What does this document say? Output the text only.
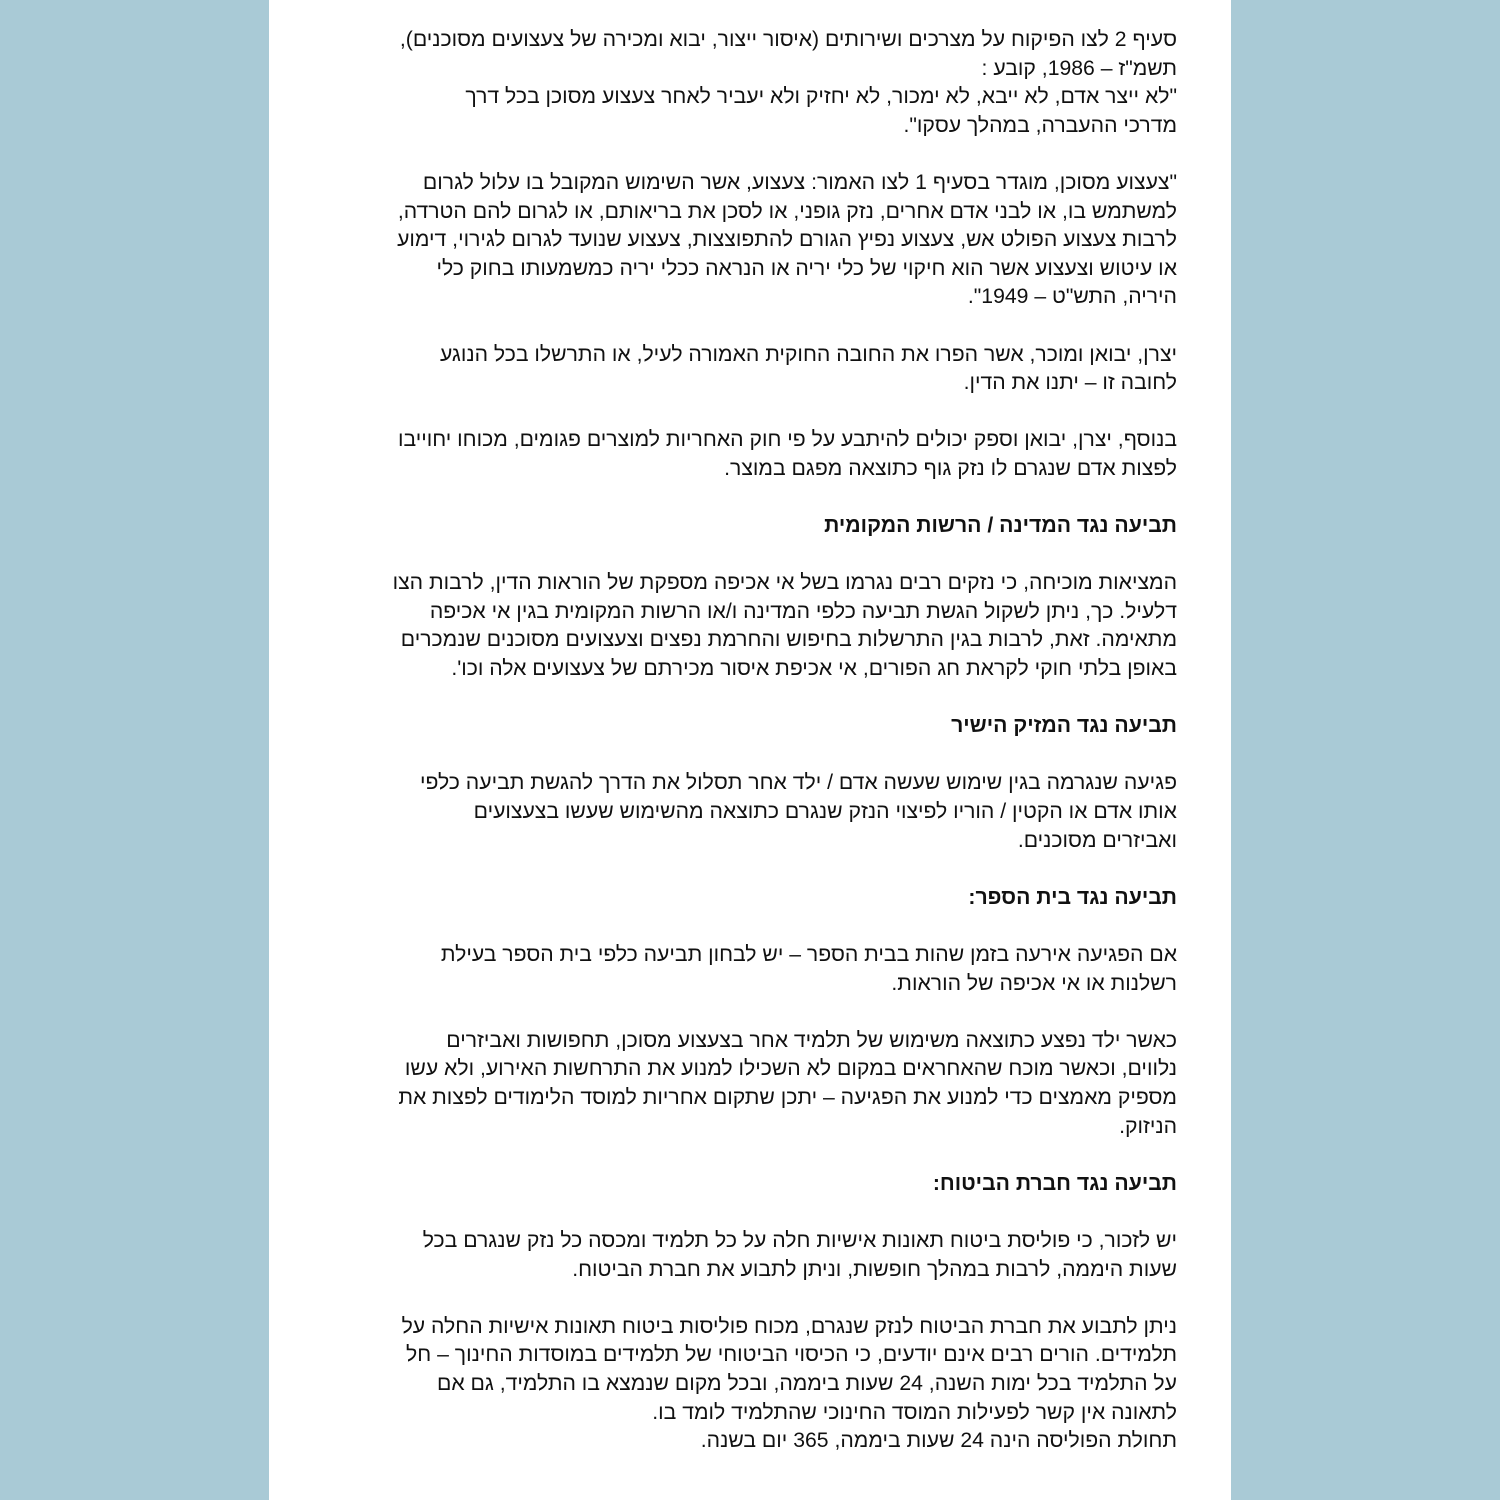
סעיף 2 לצו הפיקוח על מצרכים ושירותים (איסור ייצור, יבוא ומכירה של צעצועים מסוכנים),
תשמ"ז – 1986, קובע :
"לא ייצר אדם, לא ייבא, לא ימכור, לא יחזיק ולא יעביר לאחר צעצוע מסוכן בכל דרך
מדרכי ההעברה, במהלך עסקו".
"צעצוע מסוכן, מוגדר בסעיף 1 לצו האמור: צעצוע, אשר השימוש המקובל בו עלול לגרום
למשתמש בו, או לבני אדם אחרים, נזק גופני, או לסכן את בריאותם, או לגרום להם הטרדה,
לרבות צעצוע הפולט אש, צעצוע נפיץ הגורם להתפוצצות, צעצוע שנועד לגרום לגירוי, דימוע
או עיטוש וצעצוע אשר הוא חיקוי של כלי יריה או הנראה ככלי יריה כמשמעותו בחוק כלי
היריה, התש"ט – 1949".
יצרן, יבואן ומוכר, אשר הפרו את החובה החוקית האמורה לעיל, או התרשלו בכל הנוגע
לחובה זו – יתנו את הדין.
בנוסף, יצרן, יבואן וספק יכולים להיתבע על פי חוק האחריות למוצרים פגומים, מכוחו יחוייבו
לפצות אדם שנגרם לו נזק גוף כתוצאה מפגם במוצר.
תביעה נגד המדינה / הרשות המקומית
המציאות מוכיחה, כי נזקים רבים נגרמו בשל אי אכיפה מספקת של הוראות הדין, לרבות הצו
דלעיל. כך, ניתן לשקול הגשת תביעה כלפי המדינה ו/או הרשות המקומית בגין אי אכיפה
מתאימה. זאת, לרבות בגין התרשלות בחיפוש והחרמת נפצים וצעצועים מסוכנים שנמכרים
באופן בלתי חוקי לקראת חג הפורים, אי אכיפת איסור מכירתם של צעצועים אלה וכו'.
תביעה נגד המזיק הישיר
פגיעה שנגרמה בגין שימוש שעשה אדם / ילד אחר תסלול את הדרך להגשת תביעה כלפי
אותו אדם או הקטין / הוריו לפיצוי הנזק שנגרם כתוצאה מהשימוש שעשו בצעצועים
ואביזרים מסוכנים.
תביעה נגד בית הספר:
אם הפגיעה אירעה בזמן שהות בבית הספר – יש לבחון תביעה כלפי בית הספר בעילת
רשלנות או אי אכיפה של הוראות.
כאשר ילד נפצע כתוצאה משימוש של תלמיד אחר בצעצוע מסוכן, תחפושות ואביזרים
נלווים, וכאשר מוכח שהאחראים במקום לא השכילו למנוע את התרחשות האירוע, ולא עשו
מספיק מאמצים כדי למנוע את הפגיעה – יתכן שתקום אחריות למוסד הלימודים לפצות את
הניזוק.
תביעה נגד חברת הביטוח:
יש לזכור, כי פוליסת ביטוח תאונות אישיות חלה על כל תלמיד ומכסה כל נזק שנגרם בכל
שעות היממה, לרבות במהלך חופשות, וניתן לתבוע את חברת הביטוח.
ניתן לתבוע את חברת הביטוח לנזק שנגרם, מכוח פוליסות ביטוח תאונות אישיות החלה על
תלמידים. הורים רבים אינם יודעים, כי הכיסוי הביטוחי של תלמידים במוסדות החינוך – חל
על התלמיד בכל ימות השנה, 24 שעות ביממה, ובכל מקום שנמצא בו התלמיד, גם אם
לתאונה אין קשר לפעילות המוסד החינוכי שהתלמיד לומד בו.
תחולת הפוליסה הינה 24 שעות ביממה, 365 יום בשנה.
